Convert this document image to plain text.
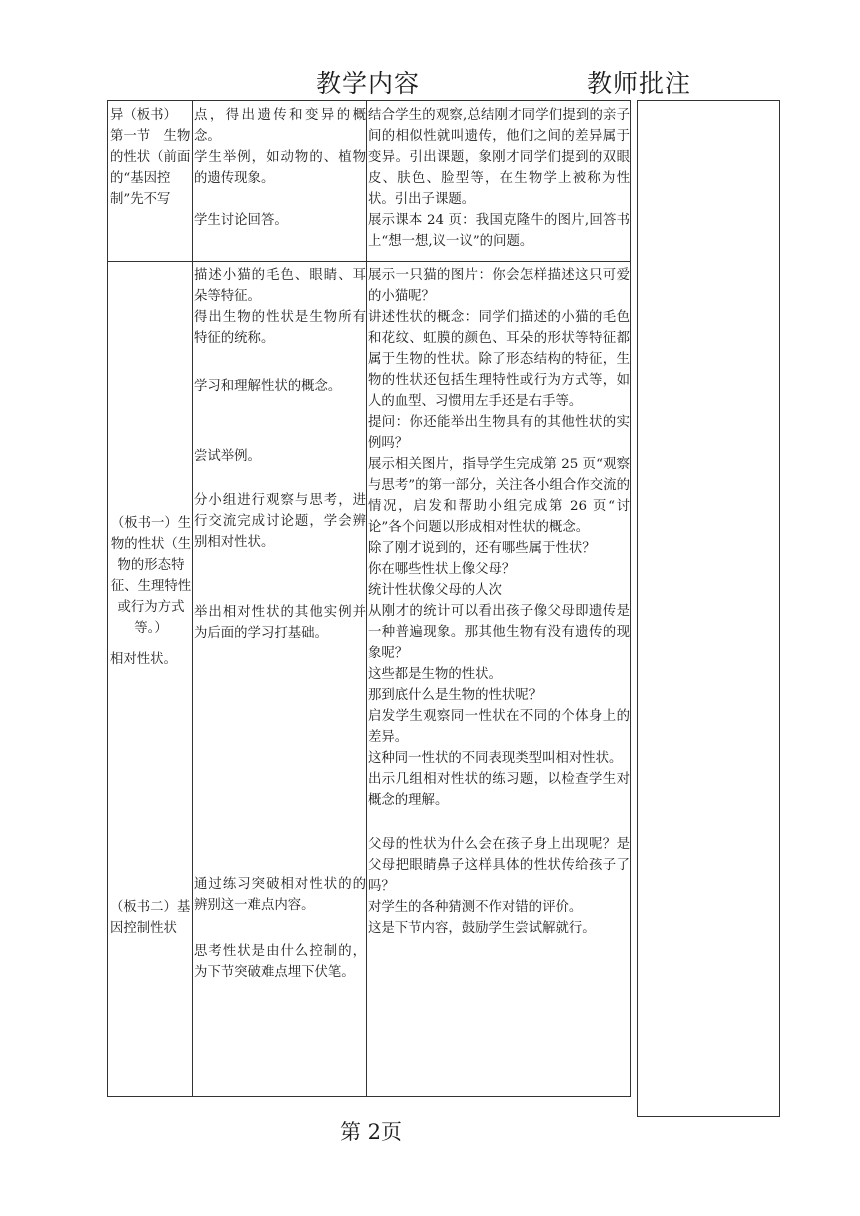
教学内容	教师批注

异（板书）

第一节　生物的性状（前面的“基因控制”先不写

点，得出遗传和变异的概念。

学生举例，如动物的、植物的遗传现象。

学生讨论回答。

结合学生的观察,总结刚才同学们提到的亲子间的相似性就叫遗传，他们之间的差异属于变异。引出课题，象刚才同学们提到的双眼皮、肤色、脸型等，在生物学上被称为性状。引出子课题。

展示课本 24 页：我国克隆牛的图片,回答书上“想一想,议一议”的问题。

（板书一）生物的性状（生物的形态特征、生理特性或行为方式等。）

相对性状。

（板书二）基因控制性状

描述小猫的毛色、眼睛、耳朵等特征。

得出生物的性状是生物所有特征的统称。

学习和理解性状的概念。

尝试举例。

分小组进行观察与思考，进行交流完成讨论题，学会辨别相对性状。

举出相对性状的其他实例并为后面的学习打基础。

通过练习突破相对性状的的辨别这一难点内容。

思考性状是由什么控制的，为下节突破难点埋下伏笔。

展示一只猫的图片：你会怎样描述这只可爱的小猫呢？

讲述性状的概念：同学们描述的小猫的毛色和花纹、虹膜的颜色、耳朵的形状等特征都属于生物的性状。除了形态结构的特征，生物的性状还包括生理特性或行为方式等，如人的血型、习惯用左手还是右手等。

提问：你还能举出生物具有的其他性状的实例吗？

展示相关图片，指导学生完成第 25 页“观察与思考”的第一部分，关注各小组合作交流的情况，启发和帮助小组完成第 26 页“讨论”各个问题以形成相对性状的概念。

除了刚才说到的，还有哪些属于性状？

你在哪些性状上像父母？

统计性状像父母的人次

从刚才的统计可以看出孩子像父母即遗传是一种普遍现象。那其他生物有没有遗传的现象呢？

这些都是生物的性状。

那到底什么是生物的性状呢？

启发学生观察同一性状在不同的个体身上的差异。

这种同一性状的不同表现类型叫相对性状。

出示几组相对性状的练习题，以检查学生对概念的理解。

父母的性状为什么会在孩子身上出现呢？是父母把眼睛鼻子这样具体的性状传给孩子了吗？

对学生的各种猜测不作对错的评价。

这是下节内容，鼓励学生尝试解就行。

第 2页
